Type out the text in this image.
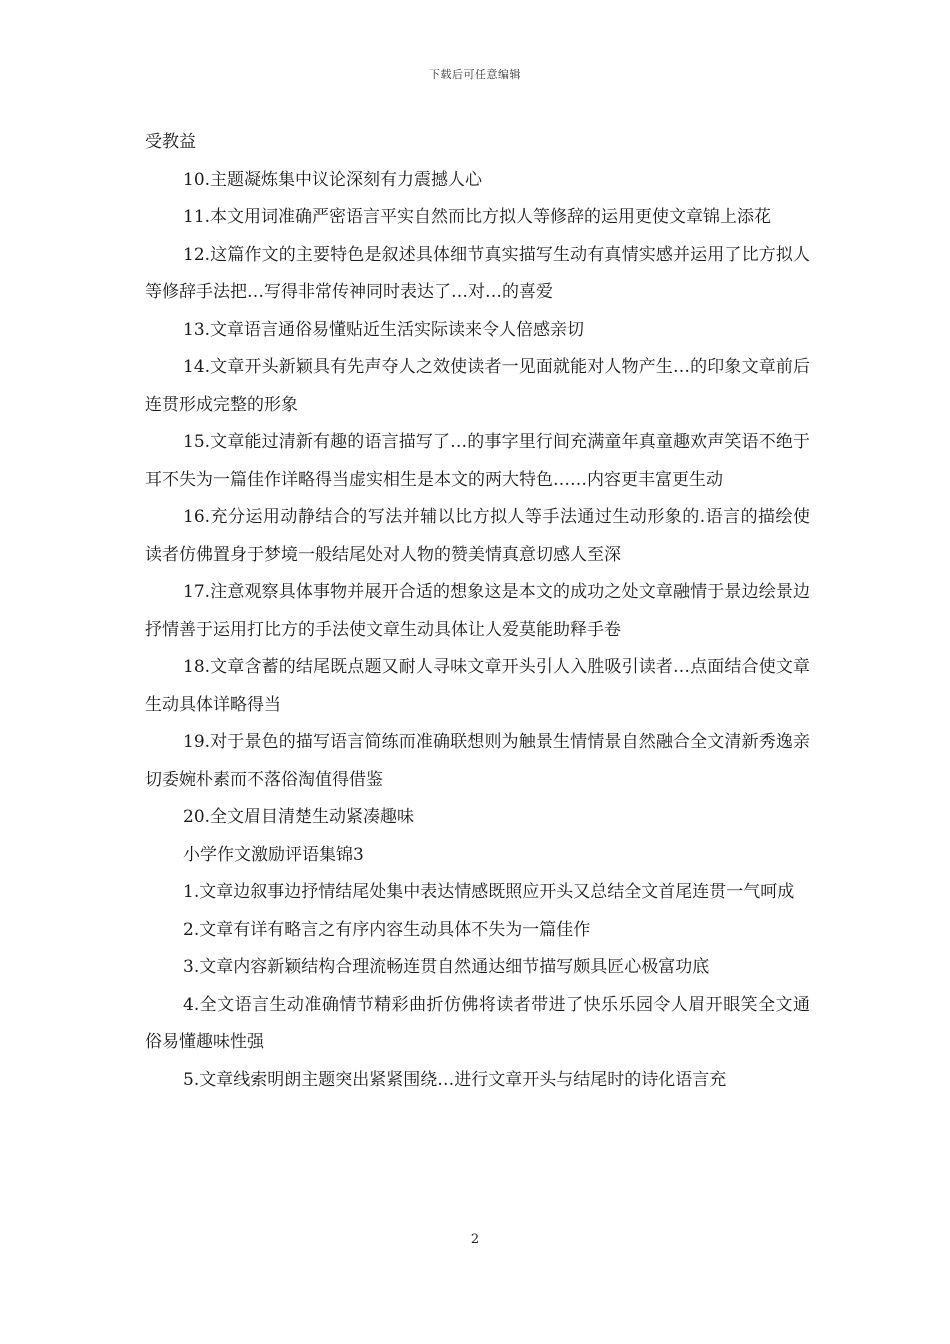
下载后可任意编辑

受教益

10.主题凝炼集中议论深刻有力震撼人心

11.本文用词准确严密语言平实自然而比方拟人等修辞的运用更使文章锦上添花

12.这篇作文的主要特色是叙述具体细节真实描写生动有真情实感并运用了比方拟人等修辞手法把…写得非常传神同时表达了…对…的喜爱

13.文章语言通俗易懂贴近生活实际读来令人倍感亲切

14.文章开头新颖具有先声夺人之效使读者一见面就能对人物产生…的印象文章前后连贯形成完整的形象

15.文章能过清新有趣的语言描写了…的事字里行间充满童年真童趣欢声笑语不绝于耳不失为一篇佳作详略得当虚实相生是本文的两大特色……内容更丰富更生动

16.充分运用动静结合的写法并辅以比方拟人等手法通过生动形象的.语言的描绘使读者仿佛置身于梦境一般结尾处对人物的赞美情真意切感人至深

17.注意观察具体事物并展开合适的想象这是本文的成功之处文章融情于景边绘景边抒情善于运用打比方的手法使文章生动具体让人爱莫能助释手卷

18.文章含蓄的结尾既点题又耐人寻味文章开头引人入胜吸引读者…点面结合使文章生动具体详略得当

19.对于景色的描写语言简练而准确联想则为触景生情情景自然融合全文清新秀逸亲切委婉朴素而不落俗淘值得借鉴

20.全文眉目清楚生动紧凑趣味

小学作文激励评语集锦3

1.文章边叙事边抒情结尾处集中表达情感既照应开头又总结全文首尾连贯一气呵成

2.文章有详有略言之有序内容生动具体不失为一篇佳作

3.文章内容新颖结构合理流畅连贯自然通达细节描写颇具匠心极富功底

4.全文语言生动准确情节精彩曲折仿佛将读者带进了快乐乐园令人眉开眼笑全文通俗易懂趣味性强

5.文章线索明朗主题突出紧紧围绕…进行文章开头与结尾时的诗化语言充

2
